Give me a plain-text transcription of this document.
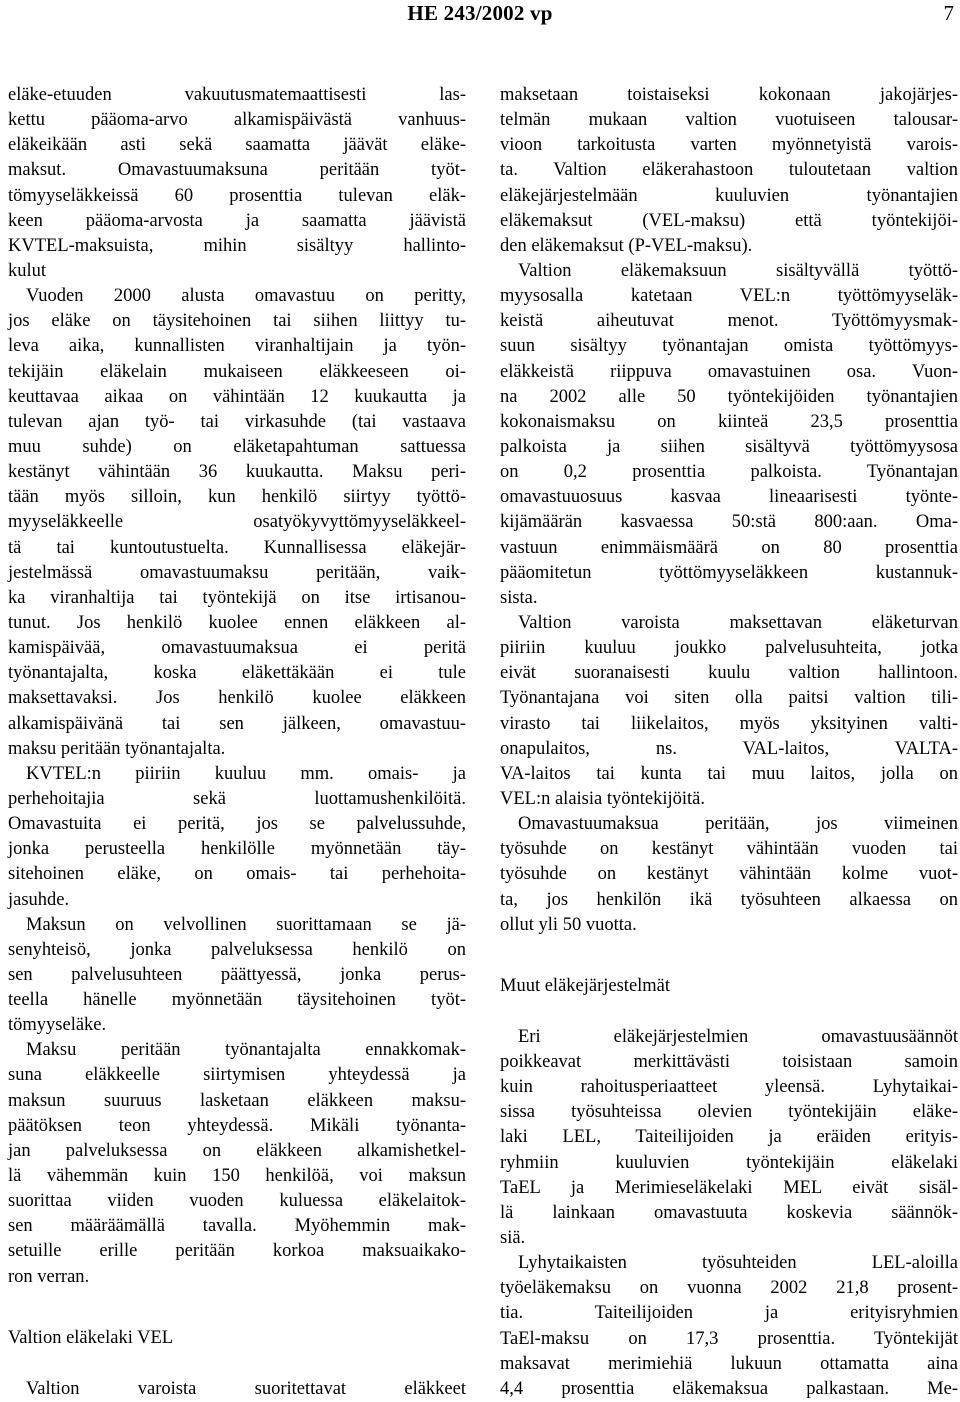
HE 243/2002 vp	7
eläke-etuuden vakuutusmatemaattisesti las-
kettu pääoma-arvo alkamispäivästä vanhuus-
eläkeikään asti sekä saamatta jäävät eläke-
maksut. Omavastuumaksuna peritään työt-
tömyyseläkkeissä 60 prosenttia tulevan eläk-
keen pääoma-arvosta ja saamatta jäävistä
KVTEL-maksuista, mihin sisältyy hallinto-
kulut
Vuoden 2000 alusta omavastuu on peritty,
jos eläke on täysitehoinen tai siihen liittyy tu-
leva aika, kunnallisten viranhaltijain ja työn-
tekijäin eläkelain mukaiseen eläkkeeseen oi-
keuttavaa aikaa on vähintään 12 kuukautta ja
tulevan ajan työ- tai virkasuhde (tai vastaava
muu suhde) on eläketapahtuman sattuessa
kestänyt vähintään 36 kuukautta. Maksu peri-
tään myös silloin, kun henkilö siirtyy työttö-
myyseläkkeelle osatyökyvyttömyyseläkkeel-
tä tai kuntoutustuelta. Kunnallisessa eläkejär-
jestelmässä omavastuumaksu peritään, vaik-
ka viranhaltija tai työntekijä on itse irtisanou-
tunut. Jos henkilö kuolee ennen eläkkeen al-
kamispäivää, omavastuumaksua ei peritä
työnantajalta, koska eläkettäkään ei tule
maksettavaksi. Jos henkilö kuolee eläkkeen
alkamispäivänä tai sen jälkeen, omavastuu-
maksu peritään työnantajalta.
KVTEL:n piiriin kuuluu mm. omais- ja
perhehoitajia sekä luottamushenkilöitä.
Omavastuita ei peritä, jos se palvelussuhde,
jonka perusteella henkilölle myönnetään täy-
sitehoinen eläke, on omais- tai perhehoita-
jasuhde.
Maksun on velvollinen suorittamaan se jä-
senyhteisö, jonka palveluksessa henkilö on
sen palvelusuhteen päättyessä, jonka perus-
teella hänelle myönnetään täysitehoinen työt-
tömyyseläke.
Maksu peritään työnantajalta ennakkomak-
suna eläkkeelle siirtymisen yhteydessä ja
maksun suuruus lasketaan eläkkeen maksu-
päätöksen teon yhteydessä. Mikäli työnanta-
jan palveluksessa on eläkkeen alkamishetkel-
lä vähemmän kuin 150 henkilöä, voi maksun
suorittaa viiden vuoden kuluessa eläkelaitok-
sen määräämällä tavalla. Myöhemmin mak-
setuille erille peritään korkoa maksuaikako-
ron verran.
Valtion eläkelaki VEL
Valtion varoista suoritettavat eläkkeet
maksetaan toistaiseksi kokonaan jakojärjes-
telmän mukaan valtion vuotuiseen talousar-
vioon tarkoitusta varten myönnetyistä varois-
ta. Valtion eläkerahastoon tuloutetaan valtion
eläkejärjestelmään kuuluvien työnantajien
eläkemaksut (VEL-maksu) että työntekijöi-
den eläkemaksut (P-VEL-maksu).
Valtion eläkemaksuun sisältyvällä työttö-
myysosalla katetaan VEL:n työttömyyseläk-
keistä aiheutuvat menot. Työttömyysmak-
suun sisältyy työnantajan omista työttömyys-
eläkkeistä riippuva omavastuinen osa. Vuon-
na 2002 alle 50 työntekijöiden työnantajien
kokonaismaksu on kiinteä 23,5 prosenttia
palkoista ja siihen sisältyvä työttömyysosa
on 0,2 prosenttia palkoista. Työnantajan
omavastuuosuus kasvaa lineaarisesti työnte-
kijämäärän kasvaessa 50:stä 800:aan. Oma-
vastuun enimmäismäärä on 80 prosenttia
pääomitetun työttömyyseläkkeen kustannuk-
sista.
Valtion varoista maksettavan eläketurvan
piiriin kuuluu joukko palvelusuhteita, jotka
eivät suoranaisesti kuulu valtion hallintoon.
Työnantajana voi siten olla paitsi valtion tili-
virasto tai liikelaitos, myös yksityinen valti-
onapulaitos, ns. VAL-laitos, VALTA-
VA-laitos tai kunta tai muu laitos, jolla on
VEL:n alaisia työntekijöitä.
Omavastuumaksua peritään, jos viimeinen
työsuhde on kestänyt vähintään vuoden tai
työsuhde on kestänyt vähintään kolme vuot-
ta, jos henkilön ikä työsuhteen alkaessa on
ollut yli 50 vuotta.
Muut eläkejärjestelmät
Eri eläkejärjestelmien omavastuusäännöt
poikkeavat merkittävästi toisistaan samoin
kuin rahoitusperiaatteet yleensä. Lyhytaikai-
sissa työsuhteissa olevien työntekijäin eläke-
laki LEL, Taiteilijoiden ja eräiden erityis-
ryhmiin kuuluvien työntekijäin eläkelaki
TaEL ja Merimieseläkelaki MEL eivät sisäl-
lä lainkaan omavastuuta koskevia säännök-
siä.
Lyhytaikaisten työsuhteiden LEL-aloilla
työeläkemaksu on vuonna 2002 21,8 prosent-
tia. Taiteilijoiden ja erityisryhmien
TaEl-maksu on 17,3 prosenttia. Työntekijät
maksavat merimiehiä lukuun ottamatta aina
4,4 prosenttia eläkemaksua palkastaan. Me-
